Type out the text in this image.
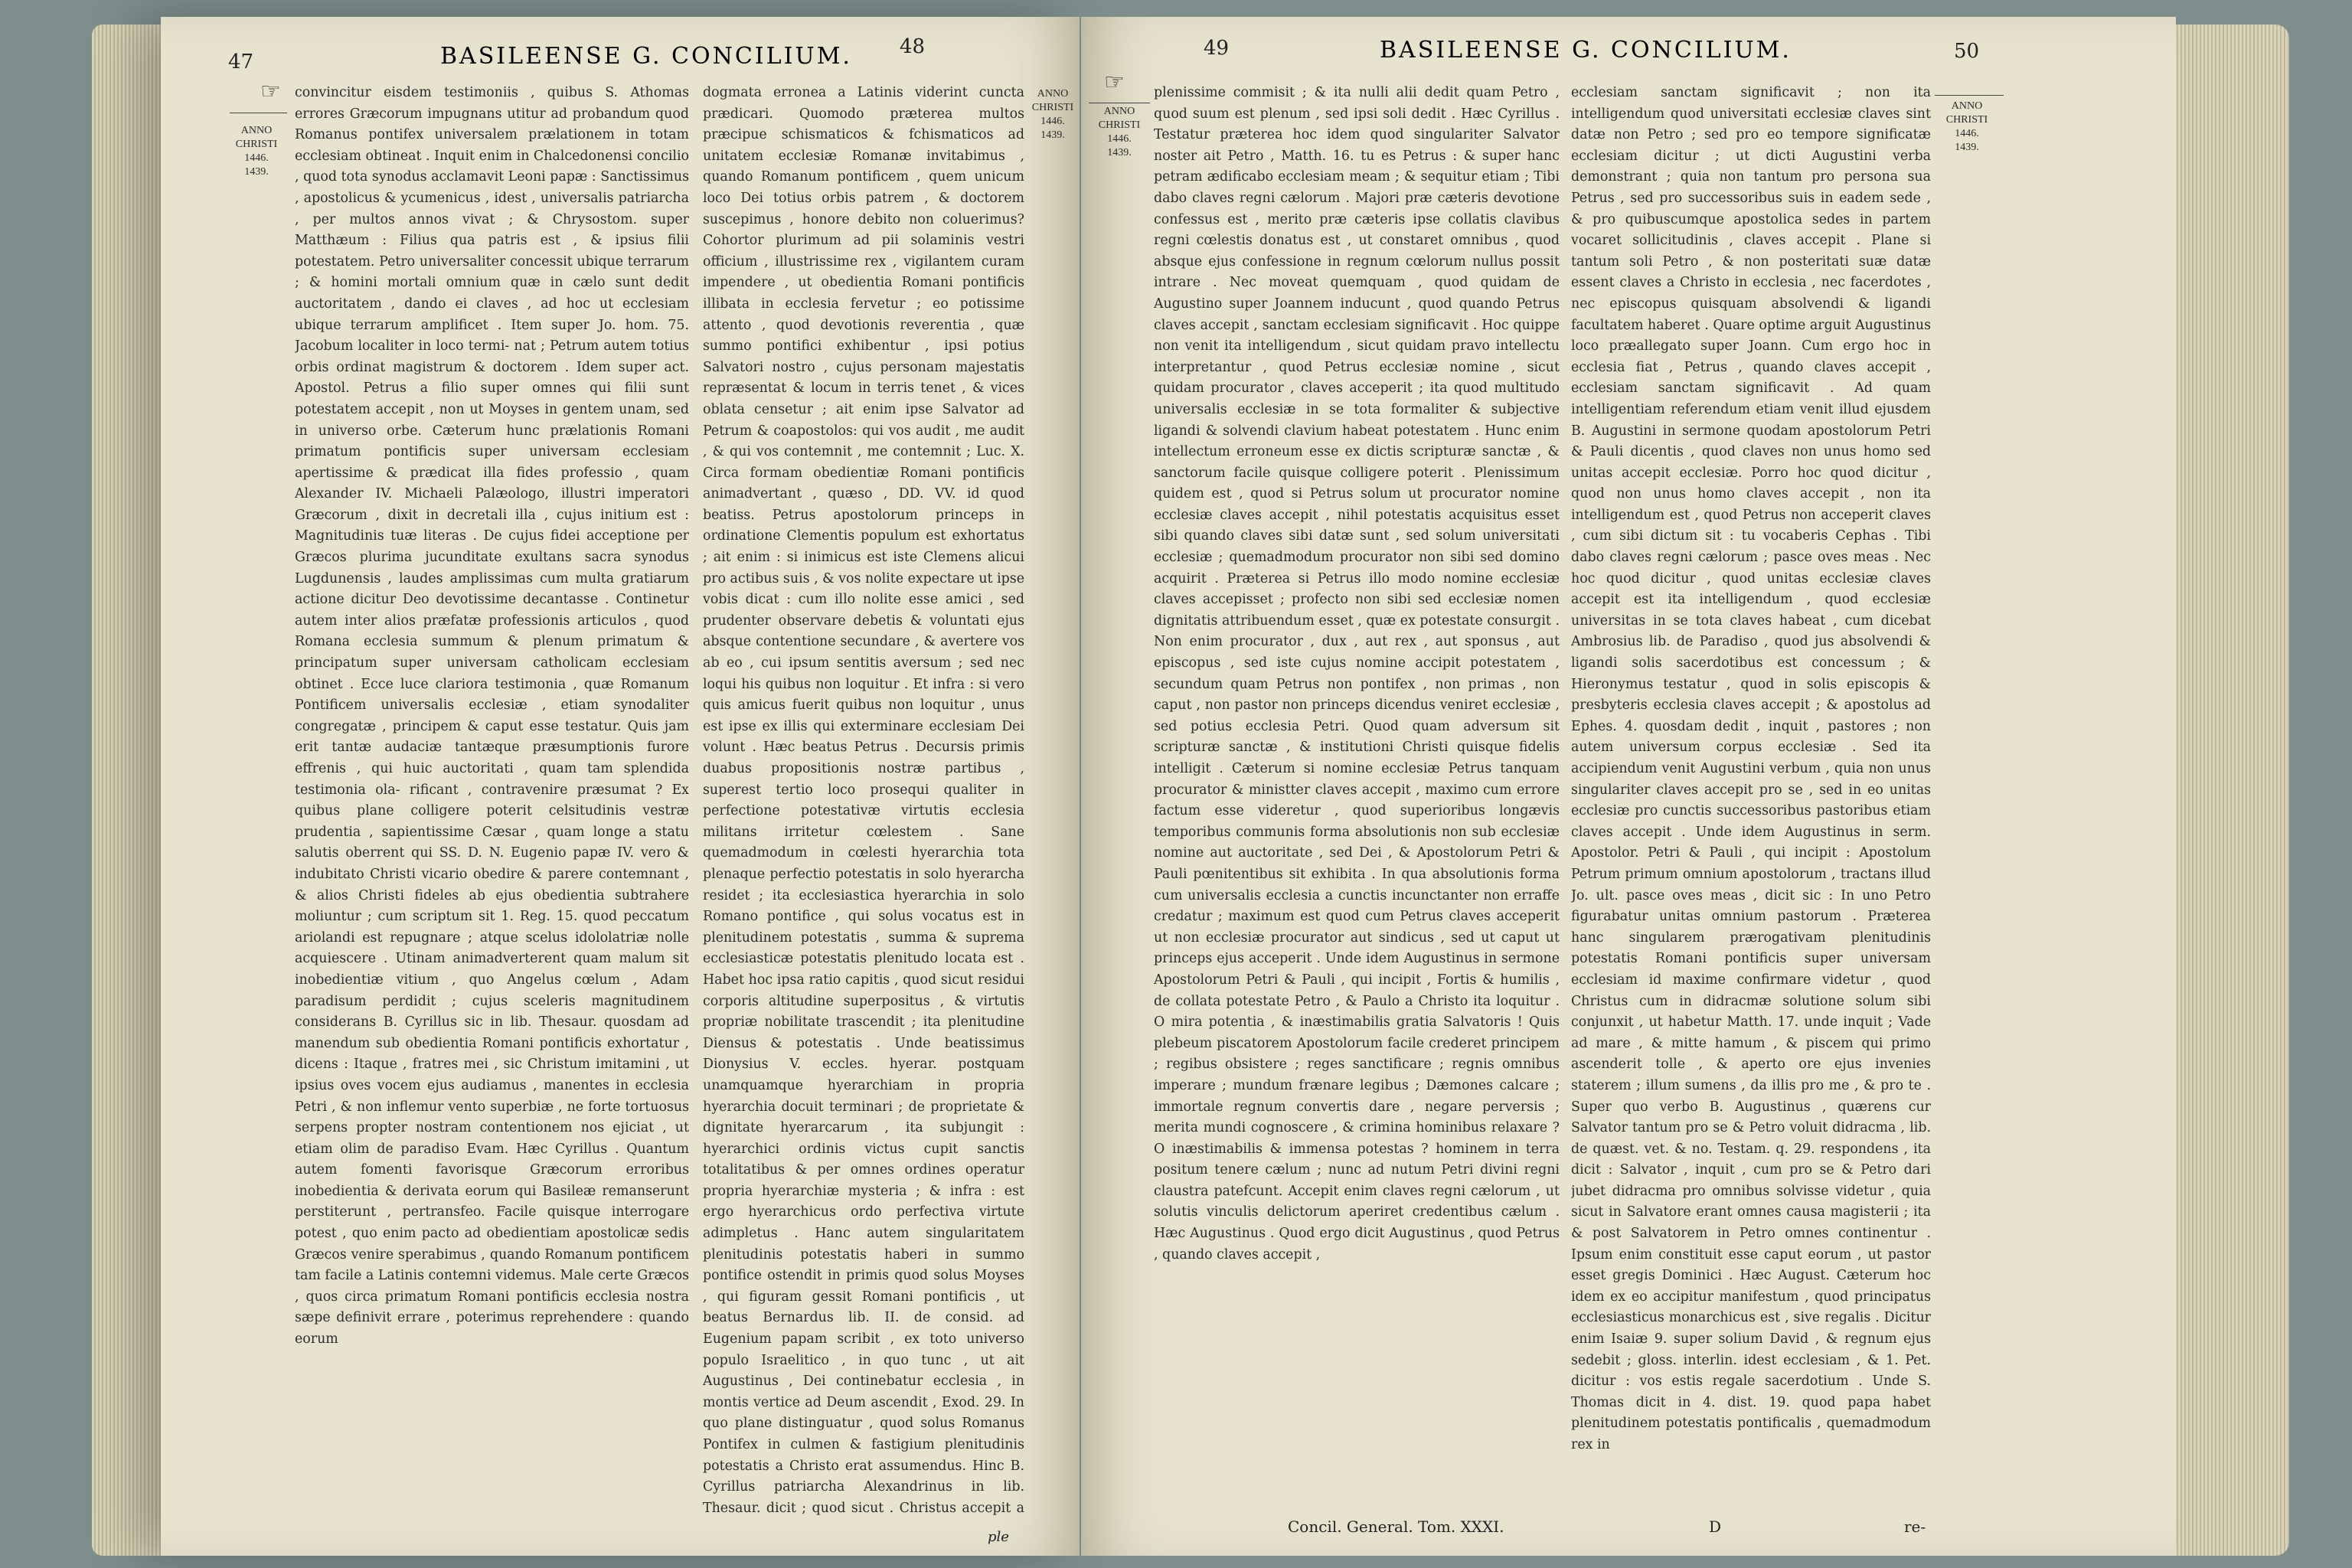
47	BASILEENSE G. CONCILIUM. 48
☞
ANNO
CHRISTI
1446.
1439.
convincitur eisdem testimoniis , quibus S. Athomas errores Græcorum impugnans utitur ad probandum quod Romanus pontifex universalem prælationem in totam ecclesiam obtineat . Inquit enim in Chalcedonensi concilio , quod tota synodus acclamavit Leoni papæ : Sanctissimus , apostolicus & ycumenicus , idest , universalis patriarcha , per multos annos vivat ; & Chrysostom. super Matthæum : Filius qua patris est , & ipsius filii potestatem. Petro universaliter concessit ubique terrarum ; & homini mortali omnium quæ in cælo sunt dedit auctoritatem , dando ei claves , ad hoc ut ecclesiam ubique terrarum amplificet . Item super Jo. hom. 75. Jacobum localiter in loco termi- nat ; Petrum autem totius orbis ordinat magistrum & doctorem . Idem super act. Apostol. Petrus a filio super omnes qui filii sunt potestatem accepit , non ut Moyses in gentem unam, sed in universo orbe. Cæterum hunc prælationis Romani primatum pontificis super universam ecclesiam apertissime & prædicat illa fides professio , quam Alexander IV. Michaeli Palæologo, illustri imperatori Græcorum , dixit in decretali illa , cujus initium est : Magnitudinis tuæ literas . De cujus fidei acceptione per Græcos plurima jucunditate exultans sacra synodus Lugdunensis , laudes amplissimas cum multa gratiarum actione dicitur Deo devotissime decantasse . Continetur autem inter alios præfatæ professionis articulos , quod Romana ecclesia summum & plenum primatum & principatum super universam catholicam ecclesiam obtinet . Ecce luce clariora testimonia , quæ Romanum Pontificem universalis ecclesiæ , etiam synodaliter congregatæ , principem & caput esse testatur. Quis jam erit tantæ audaciæ tantæque præsumptionis furore effrenis , qui huic auctoritati , quam tam splendida testimonia ola- rificant , contravenire præsumat ? Ex quibus plane colligere poterit celsitudinis vestræ prudentia , sapientissime Cæsar , quam longe a statu salutis oberrent qui SS. D. N. Eugenio papæ IV. vero & indubitato Christi vicario obedire & parere contemnant , & alios Christi fideles ab ejus obedientia subtrahere moliuntur ; cum scriptum sit 1. Reg. 15. quod peccatum ariolandi est repugnare ; atque scelus idololatriæ nolle acquiescere . Utinam animadverterent quam malum sit inobedientiæ vitium , quo Angelus cœlum , Adam paradisum perdidit ; cujus sceleris magnitudinem considerans B. Cyrillus sic in lib. Thesaur. quosdam ad manendum sub obedientia Romani pontificis exhortatur , dicens : Itaque , fratres mei , sic Christum imitamini , ut ipsius oves vocem ejus audiamus , manentes in ecclesia Petri , & non inflemur vento superbiæ , ne forte tortuosus serpens propter nostram contentionem nos ejiciat , ut etiam olim de paradiso Evam. Hæc Cyrillus . Quantum autem fomenti favorisque Græcorum erroribus inobedientia & derivata eorum qui Basileæ remanserunt perstiterunt , pertransfeo. Facile quisque interrogare potest , quo enim pacto ad obedientiam apostolicæ sedis Græcos venire sperabimus , quando Romanum pontificem tam facile a Latinis contemni videmus. Male certe Græcos , quos circa primatum Romani pontificis ecclesia nostra sæpe definivit errare , poterimus reprehendere : quando eorum
dogmata erronea a Latinis viderint cuncta prædicari. Quomodo præterea multos præcipue schismaticos & fchismaticos ad unitatem ecclesiæ Romanæ invitabimus , quando Romanum pontificem , quem unicum loco Dei totius orbis patrem , & doctorem suscepimus , honore debito non coluerimus? Cohortor plurimum ad pii solaminis vestri officium , illustrissime rex , vigilantem curam impendere , ut obedientia Romani pontificis illibata in ecclesia fervetur ; eo potissime attento , quod devotionis reverentia , quæ summo pontifici exhibentur , ipsi potius Salvatori nostro , cujus personam majestatis repræsentat & locum in terris tenet , & vices oblata censetur ; ait enim ipse Salvator ad Petrum & coapostolos: qui vos audit , me audit , & qui vos contemnit , me contemnit ; Luc. X. Circa formam obedientiæ Romani pontificis animadvertant , quæso , DD. VV. id quod beatiss. Petrus apostolorum princeps in ordinatione Clementis populum est exhortatus ; ait enim : si inimicus est iste Clemens alicui pro actibus suis , & vos nolite expectare ut ipse vobis dicat : cum illo nolite esse amici , sed prudenter observare debetis & voluntati ejus absque contentione secundare , & avertere vos ab eo , cui ipsum sentitis aversum ; sed nec loqui his quibus non loquitur . Et infra : si vero quis amicus fuerit quibus non loquitur , unus est ipse ex illis qui exterminare ecclesiam Dei volunt . Hæc beatus Petrus . Decursis primis duabus propositionis nostræ partibus , superest tertio loco prosequi qualiter in perfectione potestativæ virtutis ecclesia militans irritetur cœlestem . Sane quemadmodum in cœlesti hyerarchia tota plenaque perfectio potestatis in solo hyerarcha residet ; ita ecclesiastica hyerarchia in solo Romano pontifice , qui solus vocatus est in plenitudinem potestatis , summa & suprema ecclesiasticæ potestatis plenitudo locata est . Habet hoc ipsa ratio capitis , quod sicut residui corporis altitudine superpositus , & virtutis propriæ nobilitate trascendit ; ita plenitudine Diensus & potestatis . Unde beatissimus Dionysius V. eccles. hyerar. postquam unamquamque hyerarchiam in propria hyerarchia docuit terminari ; de proprietate & dignitate hyerarcarum , ita subjungit : hyerarchici ordinis victus cupit sanctis totalitatibus & per omnes ordines operatur propria hyerarchiæ mysteria ; & infra : est ergo hyerarchicus ordo perfectiva virtute adimpletus . Hanc autem singularitatem plenitudinis potestatis haberi in summo pontifice ostendit in primis quod solus Moyses , qui figuram gessit Romani pontificis , ut beatus Bernardus lib. II. de consid. ad Eugenium papam scribit , ex toto universo populo Israelitico , in quo tunc , ut ait Augustinus , Dei continebatur ecclesia , in montis vertice ad Deum ascendit , Exod. 29. In quo plane distinguatur , quod solus Romanus Pontifex in culmen & fastigium plenitudinis potestatis a Christo erat assumendus. Hinc B. Cyrillus patriarcha Alexandrinus in lib. Thesaur. dicit ; quod sicut . Christus accepit a
ANNO
CHRISTI
1446.
1439.
ple
49	BASILEENSE G. CONCILIUM.	50
☞
ANNO
CHRISTI
1446.
1439.
plenissime commisit ; & ita nulli alii dedit quam Petro , quod suum est plenum , sed ipsi soli dedit . Hæc Cyrillus . Testatur præterea hoc idem quod singulariter Salvator noster ait Petro , Matth. 16. tu es Petrus : & super hanc petram ædificabo ecclesiam meam ; & sequitur etiam ; Tibi dabo claves regni cælorum . Majori præ cæteris devotione confessus est , merito præ cæteris ipse collatis clavibus regni cœlestis donatus est , ut constaret omnibus , quod absque ejus confessione in regnum cœlorum nullus possit intrare . Nec moveat quemquam , quod quidam de Augustino super Joannem inducunt , quod quando Petrus claves accepit , sanctam ecclesiam significavit . Hoc quippe non venit ita intelligendum , sicut quidam pravo intellectu interpretantur , quod Petrus ecclesiæ nomine , sicut quidam procurator , claves acceperit ; ita quod multitudo universalis ecclesiæ in se tota formaliter & subjective ligandi & solvendi clavium habeat potestatem . Hunc enim intellectum erroneum esse ex dictis scripturæ sanctæ , & sanctorum facile quisque colligere poterit . Plenissimum quidem est , quod si Petrus solum ut procurator nomine ecclesiæ claves accepit , nihil potestatis acquisitus esset sibi quando claves sibi datæ sunt , sed solum universitati ecclesiæ ; quemadmodum procurator non sibi sed domino acquirit . Præterea si Petrus illo modo nomine ecclesiæ claves accepisset ; profecto non sibi sed ecclesiæ nomen dignitatis attribuendum esset , quæ ex potestate consurgit . Non enim procurator , dux , aut rex , aut sponsus , aut episcopus , sed iste cujus nomine accipit potestatem , secundum quam Petrus non pontifex , non primas , non caput , non pastor non princeps dicendus veniret ecclesiæ , sed potius ecclesia Petri. Quod quam adversum sit scripturæ sanctæ , & institutioni Christi quisque fidelis intelligit . Cæterum si nomine ecclesiæ Petrus tanquam procurator & ministter claves accepit , maximo cum errore factum esse videretur , quod superioribus longævis temporibus communis forma absolutionis non sub ecclesiæ nomine aut auctoritate , sed Dei , & Apostolorum Petri & Pauli pœnitentibus sit exhibita . In qua absolutionis forma cum universalis ecclesia a cunctis incunctanter non erraffe credatur ; maximum est quod cum Petrus claves acceperit ut non ecclesiæ procurator aut sindicus , sed ut caput ut princeps ejus acceperit . Unde idem Augustinus in sermone Apostolorum Petri & Pauli , qui incipit , Fortis & humilis , de collata potestate Petro , & Paulo a Christo ita loquitur . O mira potentia , & inæstimabilis gratia Salvatoris ! Quis plebeum piscatorem Apostolorum facile crederet principem ; regibus obsistere ; reges sanctificare ; regnis omnibus imperare ; mundum frænare legibus ; Dæmones calcare ; immortale regnum convertis dare , negare perversis ; merita mundi cognoscere , & crimina hominibus relaxare ? O inæstimabilis & immensa potestas ? hominem in terra positum tenere cælum ; nunc ad nutum Petri divini regni claustra patefcunt. Accepit enim claves regni cælorum , ut solutis vinculis delictorum aperiret credentibus cælum . Hæc Augustinus . Quod ergo dicit Augustinus , quod Petrus , quando claves accepit ,
ecclesiam sanctam significavit ; non ita intelligendum quod universitati ecclesiæ claves sint datæ non Petro ; sed pro eo tempore significatæ ecclesiam dicitur ; ut dicti Augustini verba demonstrant ; quia non tantum pro persona sua Petrus , sed pro successoribus suis in eadem sede , & pro quibuscumque apostolica sedes in partem vocaret sollicitudinis , claves accepit . Plane si tantum soli Petro , & non posteritati suæ datæ essent claves a Christo in ecclesia , nec facerdotes , nec episcopus quisquam absolvendi & ligandi facultatem haberet . Quare optime arguit Augustinus loco præallegato super Joann. Cum ergo hoc in ecclesia fiat , Petrus , quando claves accepit , ecclesiam sanctam significavit . Ad quam intelligentiam referendum etiam venit illud ejusdem B. Augustini in sermone quodam apostolorum Petri & Pauli dicentis , quod claves non unus homo sed unitas accepit ecclesiæ. Porro hoc quod dicitur , quod non unus homo claves accepit , non ita intelligendum est , quod Petrus non acceperit claves , cum sibi dictum sit : tu vocaberis Cephas . Tibi dabo claves regni cælorum ; pasce oves meas . Nec hoc quod dicitur , quod unitas ecclesiæ claves accepit est ita intelligendum , quod ecclesiæ universitas in se tota claves habeat , cum dicebat Ambrosius lib. de Paradiso , quod jus absolvendi & ligandi solis sacerdotibus est concessum ; & Hieronymus testatur , quod in solis episcopis & presbyteris ecclesia claves accepit ; & apostolus ad Ephes. 4. quosdam dedit , inquit , pastores ; non autem universum corpus ecclesiæ . Sed ita accipiendum venit Augustini verbum , quia non unus singulariter claves accepit pro se , sed in eo unitas ecclesiæ pro cunctis successoribus pastoribus etiam claves accepit . Unde idem Augustinus in serm. Apostolor. Petri & Pauli , qui incipit : Apostolum Petrum primum omnium apostolorum , tractans illud Jo. ult. pasce oves meas , dicit sic : In uno Petro figurabatur unitas omnium pastorum . Præterea hanc singularem prærogativam plenitudinis potestatis Romani pontificis super universam ecclesiam id maxime confirmare videtur , quod Christus cum in didracmæ solutione solum sibi conjunxit , ut habetur Matth. 17. unde inquit ; Vade ad mare , & mitte hamum , & piscem qui primo ascenderit tolle , & aperto ore ejus invenies staterem ; illum sumens , da illis pro me , & pro te . Super quo verbo B. Augustinus , quærens cur Salvator tantum pro se & Petro voluit didracma , lib. de quæst. vet. & no. Testam. q. 29. respondens , ita dicit : Salvator , inquit , cum pro se & Petro dari jubet didracma pro omnibus solvisse videtur , quia sicut in Salvatore erant omnes causa magisterii ; ita & post Salvatorem in Petro omnes continentur . Ipsum enim constituit esse caput eorum , ut pastor esset gregis Dominici . Hæc August. Cæterum hoc idem ex eo accipitur manifestum , quod principatus ecclesiasticus monarchicus est , sive regalis . Dicitur enim Isaiæ 9. super solium David , & regnum ejus sedebit ; gloss. interlin. idest ecclesiam , & 1. Pet. dicitur : vos estis regale sacerdotium . Unde S. Thomas dicit in 4. dist. 19. quod papa habet plenitudinem potestatis pontificalis , quemadmodum rex in
ANNO
CHRISTI
1446.
1439.
Concil. General. Tom. XXXI.	D	re-
